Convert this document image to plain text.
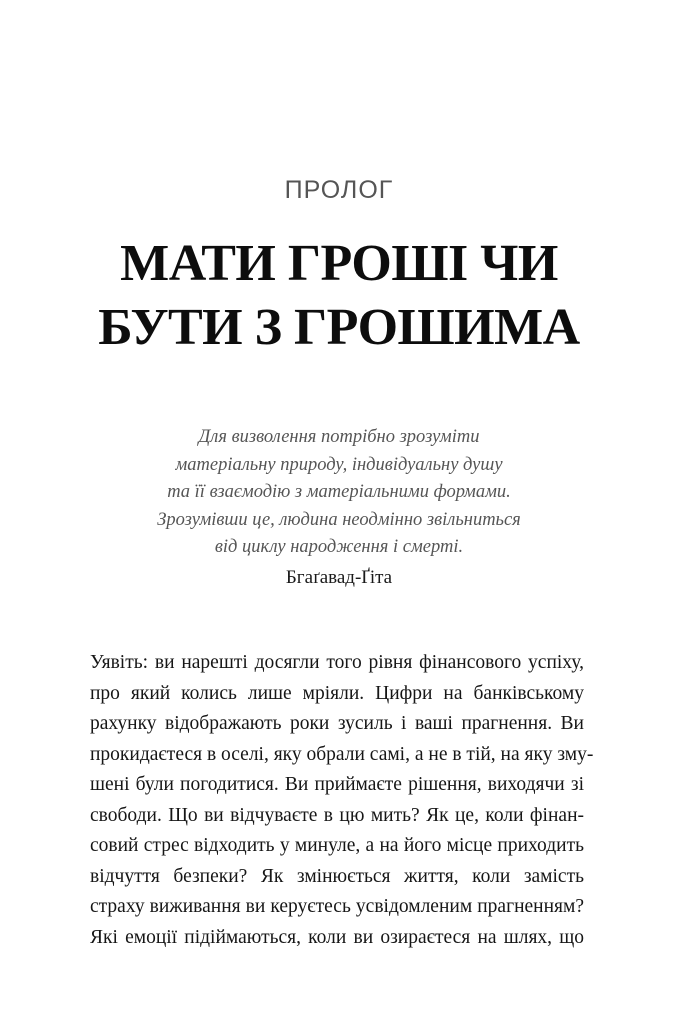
ПРОЛОГ
МАТИ ГРОШІ ЧИ
БУТИ З ГРОШИМА
Для визволення потрібно зрозуміти
матеріальну природу, індивідуальну душу
та її взаємодію з матеріальними формами.
Зрозумівши це, людина неодмінно звільниться
від циклу народження і смерті.
Бгаґавад-Ґіта
Уявіть: ви нарешті досягли того рівня фінансового успіху,
про який колись лише мріяли. Цифри на банківському
рахунку відображають роки зусиль і ваші прагнення. Ви
прокидаєтеся в оселі, яку обрали самі, а не в тій, на яку зму-
шені були погодитися. Ви приймаєте рішення, виходячи зі
свободи. Що ви відчуваєте в цю мить? Як це, коли фінан-
совий стрес відходить у минуле, а на його місце приходить
відчуття безпеки? Як змінюється життя, коли замість
страху виживання ви керуєтесь усвідомленим прагненням?
Які емоції підіймаються, коли ви озираєтеся на шлях, що
